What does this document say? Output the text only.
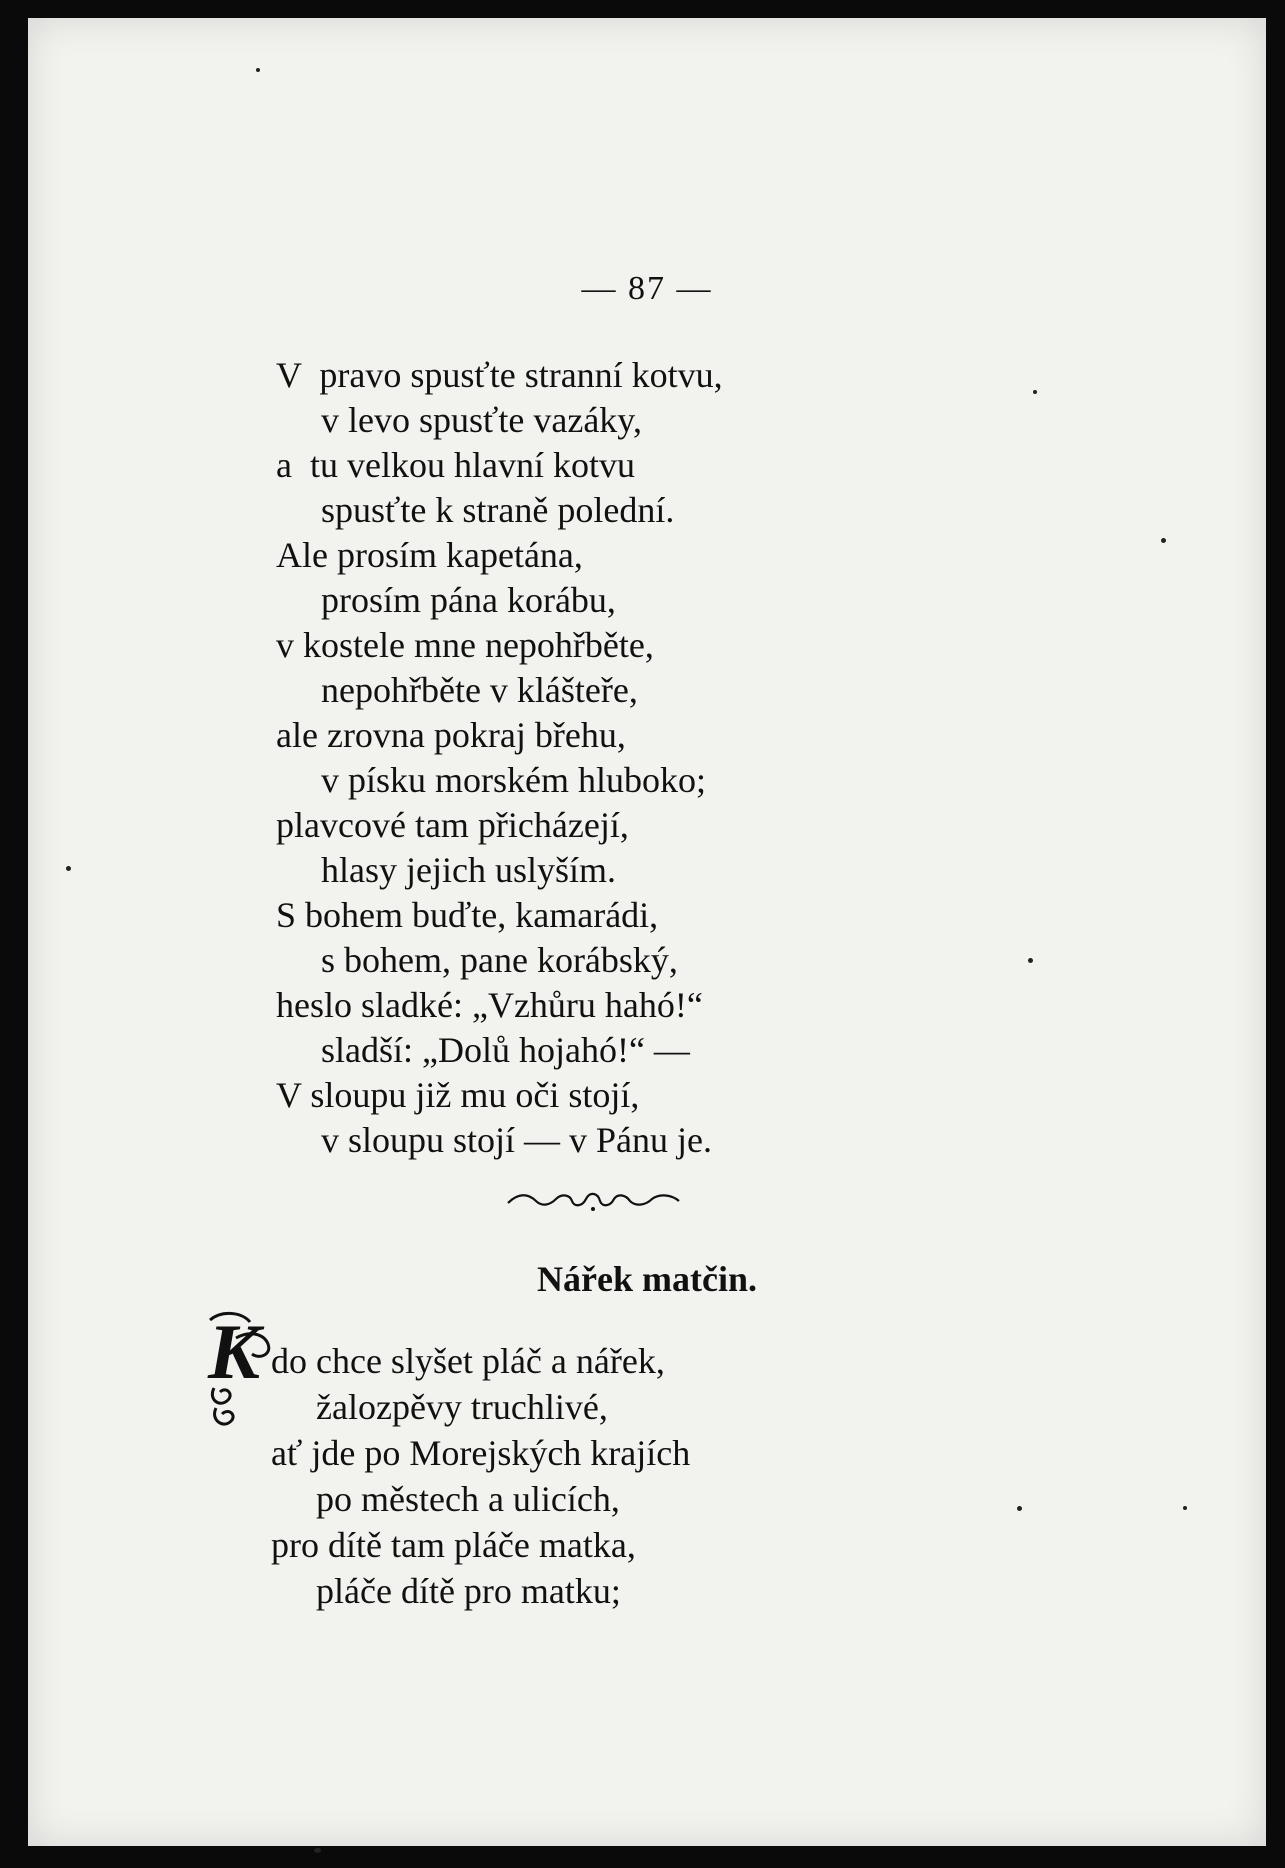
— 87 —
V  pravo spusťte stranní kotvu,
v levo spusťte vazáky,
a  tu velkou hlavní kotvu
spusťte k straně polední.
Ale prosím kapetána,
prosím pána korábu,
v kostele mne nepohřběte,
nepohřběte v klášteře,
ale zrovna pokraj břehu,
v písku morském hluboko;
plavcové tam přicházejí,
hlasy jejich uslyším.
S bohem buďte, kamarádi,
s bohem, pane korábský,
heslo sladké: „Vzhůru hahó!“
sladší: „Dolů hojahó!“ —
V sloupu již mu oči stojí,
v sloupu stojí — v Pánu je.
Nářek matčin.
K do chce slyšet pláč a nářek,
žalozpěvy truchlivé,
ať jde po Morejských krajích
po městech a ulicích,
pro dítě tam pláče matka,
pláče dítě pro matku;
